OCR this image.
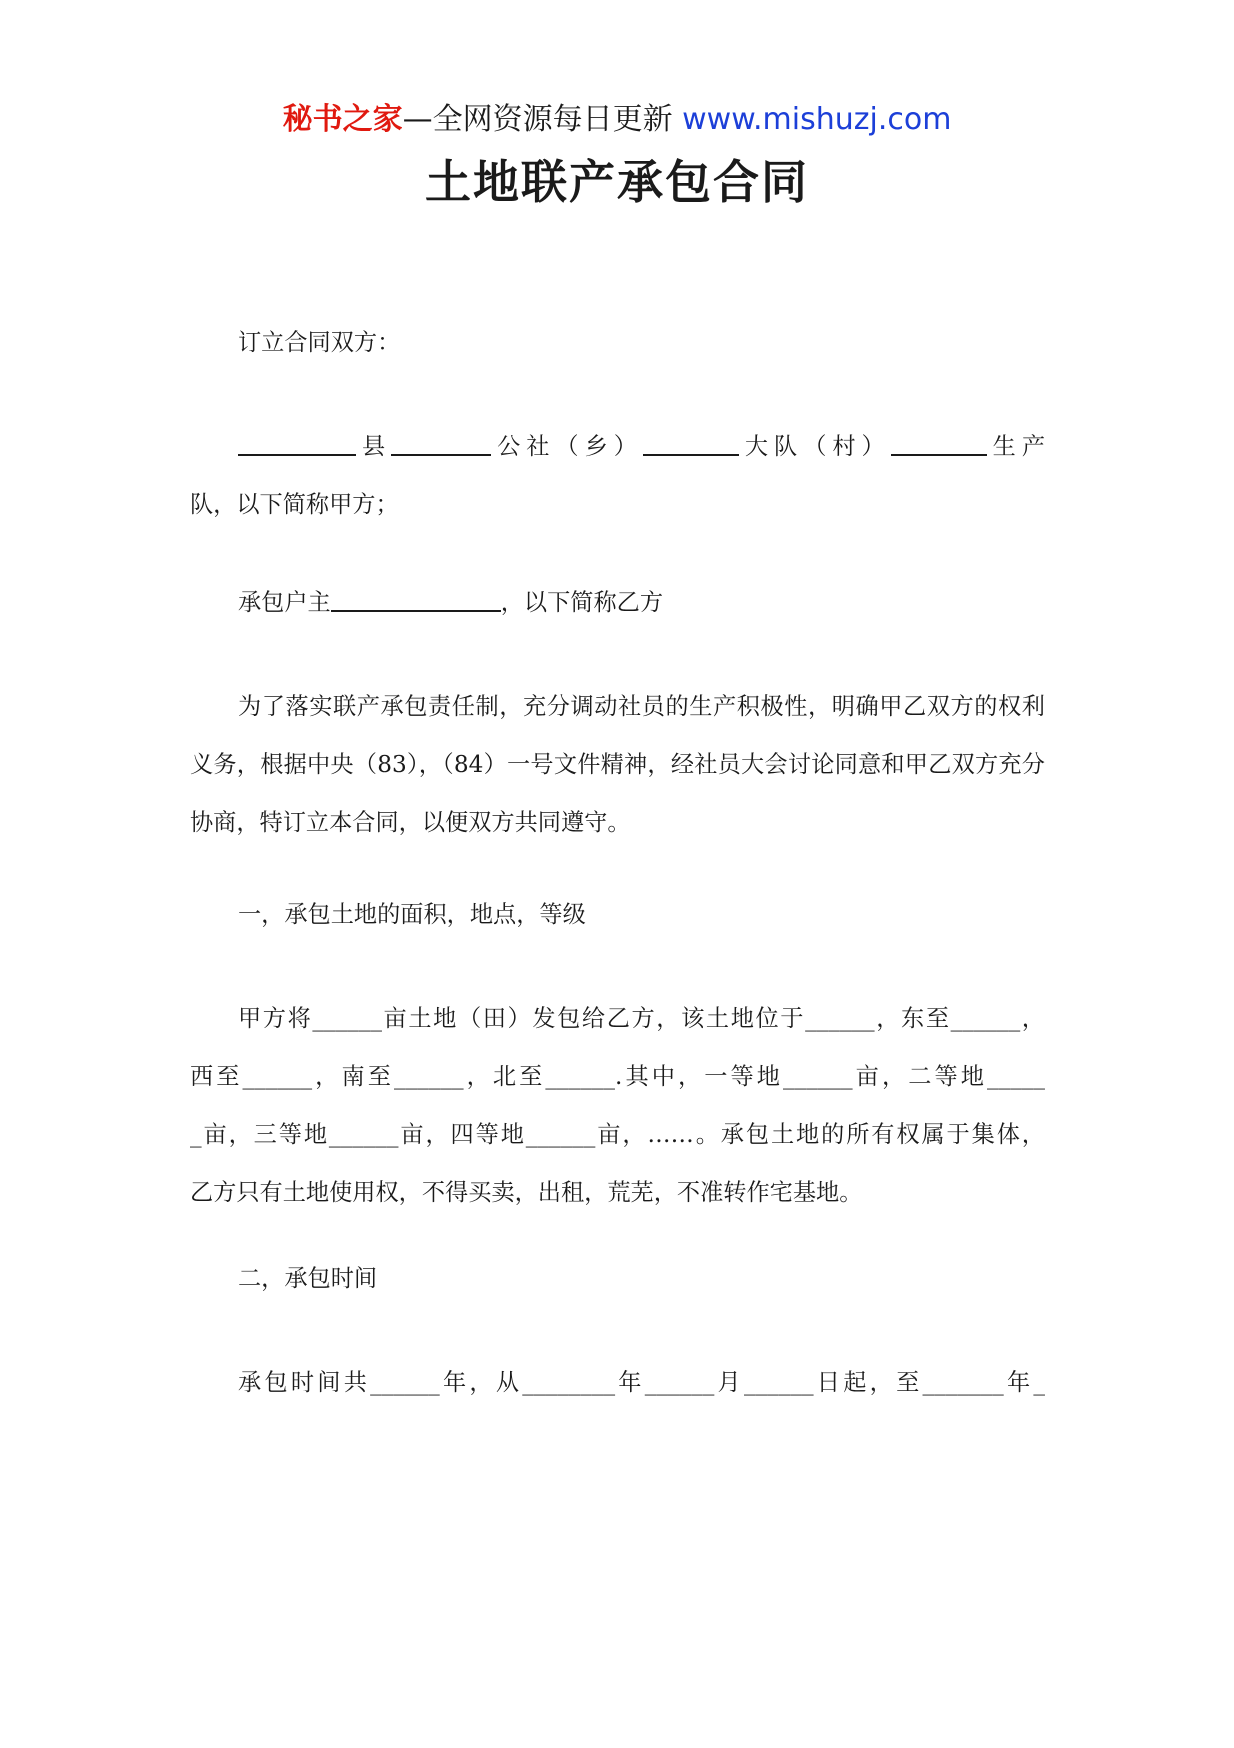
秘书之家—全网资源每日更新 www.mishuzj.com
土地联产承包合同
订立合同双方：
县	公社（乡）	大队（村）	生产
队，以下简称甲方；
承包户主	，以下简称乙方
为了落实联产承包责任制，充分调动社员的生产积极性，明确甲乙双方的权利义务，根据中央（83），（84）一号文件精神，经社员大会讨论同意和甲乙双方充分协商，特订立本合同，以便双方共同遵守。
一，承包土地的面积，地点，等级
甲方将______亩土地（田）发包给乙方，该土地位于______，东至______，
西至______，南至______，北至______.其中，一等地______亩，二等地_____
_亩，三等地______亩，四等地______亩，……。承包土地的所有权属于集体，
乙方只有土地使用权，不得买卖，出租，荒芜，不准转作宅基地。
二，承包时间
承包时间共______年，从________年______月______日起，至_______年_
